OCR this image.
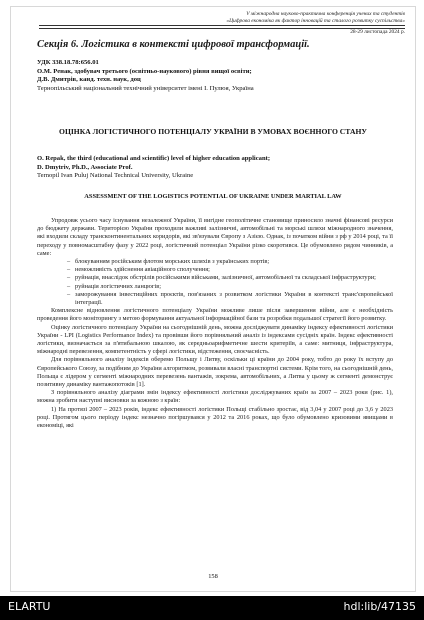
V міжнародна науково-практична конференція учених та студентів
«Цифрова економіка як фактор інновацій та сталого розвитку суспільства»
28-29 листопада 2024 р.
Секція 6. Логістика в контексті цифрової трансформації.
УДК 338.18.78:656.01
О.М. Ренак, здобувач третього (освітньо-наукового) рівня вищої освіти;
Д.В. Дмитрів, канд. техн. наук, доц
Тернопільський національний технічний університет імені І. Пулюя, Україна
ОЦІНКА ЛОГІСТИЧНОГО ПОТЕНЦІАЛУ УКРАЇНИ В УМОВАХ ВОЄННОГО СТАНУ
O. Repak, the third (educational and scientific) level of higher education applicant;
D. Dmytriv, Ph.D., Associate Prof.
Ternopil Ivan Puluj National Technical University, Ukraine
ASSESSMENT OF THE LOGISTICS POTENTIAL OF UKRAINE UNDER MARTIAL LAW

Упродовж усього часу існування незалежної України, її вигідне геополітичне становище приносило значні фінансові ресурси до бюджету держави. Територією України проходили важливі залізничні, автомобільні та морські шляхи міжнародного значення, які входили складу трансконтинентальних коридорів, які зв'язували Європу з Азією. Однак, із початком війни з рф у 2014 році, та її переходу у повномасштабну фазу у 2022 році, логістичний потенціал України різко скоротився. Це обумовлено рядом чинників, а саме:

– блокуванням російським флотом морських шляхів з українських портів;

– неможливість здійснення авіаційного сполучення;

– руйнація, внаслідок обстрілів російськими військами, залізничної, автомобільної та складської інфраструктури;

– руйнація логістичних ланцюгів;

– заморожування інвестиційних проєктів, пов'язаних з розвитком логістики України в контексті транс'європейської інтеграції.

Комплексне відновлення логістичного потенціалу України можливе лише після завершення війни, але є необхідність проведення його моніторингу з метою формування актуальної інформаційної бази та розробки подальшої стратегії його розвитку.

Оцінку логістичного потенціалу України на сьогоднішній день, можна досліджувати динаміку індексу ефективності логістики України - LPI (Logistics Performance Index) та провівши його порівняльний аналіз із індексами сусідніх країн. Індекс ефективності логістики, визначається за п'ятибальною шкалою, як середньоарифметичне шести критеріїв, а саме: митниця, інфраструктура, міжнародні перевезення, компетентність у сфері логістики, відстеження, своєчасність.

Для порівняльного аналізу індексів оберемо Польщу і Литву, оскільки ці країни до 2004 року, тобто до року їх вступу до Європейського Союзу, за подібним до України алгоритмом, розвивали власні транспортні системи. Крім того, на сьогоднішній день, Польща є лідером у сегменті міжнародних перевезень вантажів, зокрема, автомобільних, а Литва у цьому ж сегменті демонструє позитивну динаміку вантажопотоків [1].

З порівняльного аналізу діаграми змін індексу ефективності логістики досліджуваних країн за 2007 – 2023 роки (рис. 1), можна зробити наступні висновки за кожною з країн:

1) На протязі 2007 – 2023 років, індекс ефективності логістики Польщі стабільно зростає, від 3,04 у 2007 році до 3,6 у 2023 році. Протягом цього періоду індекс незначно погіршувався у 2012 та 2016 роках, що було обумовлено кризовими явищами в економіці, які

158
ELARTU	hdl:lib/47135
